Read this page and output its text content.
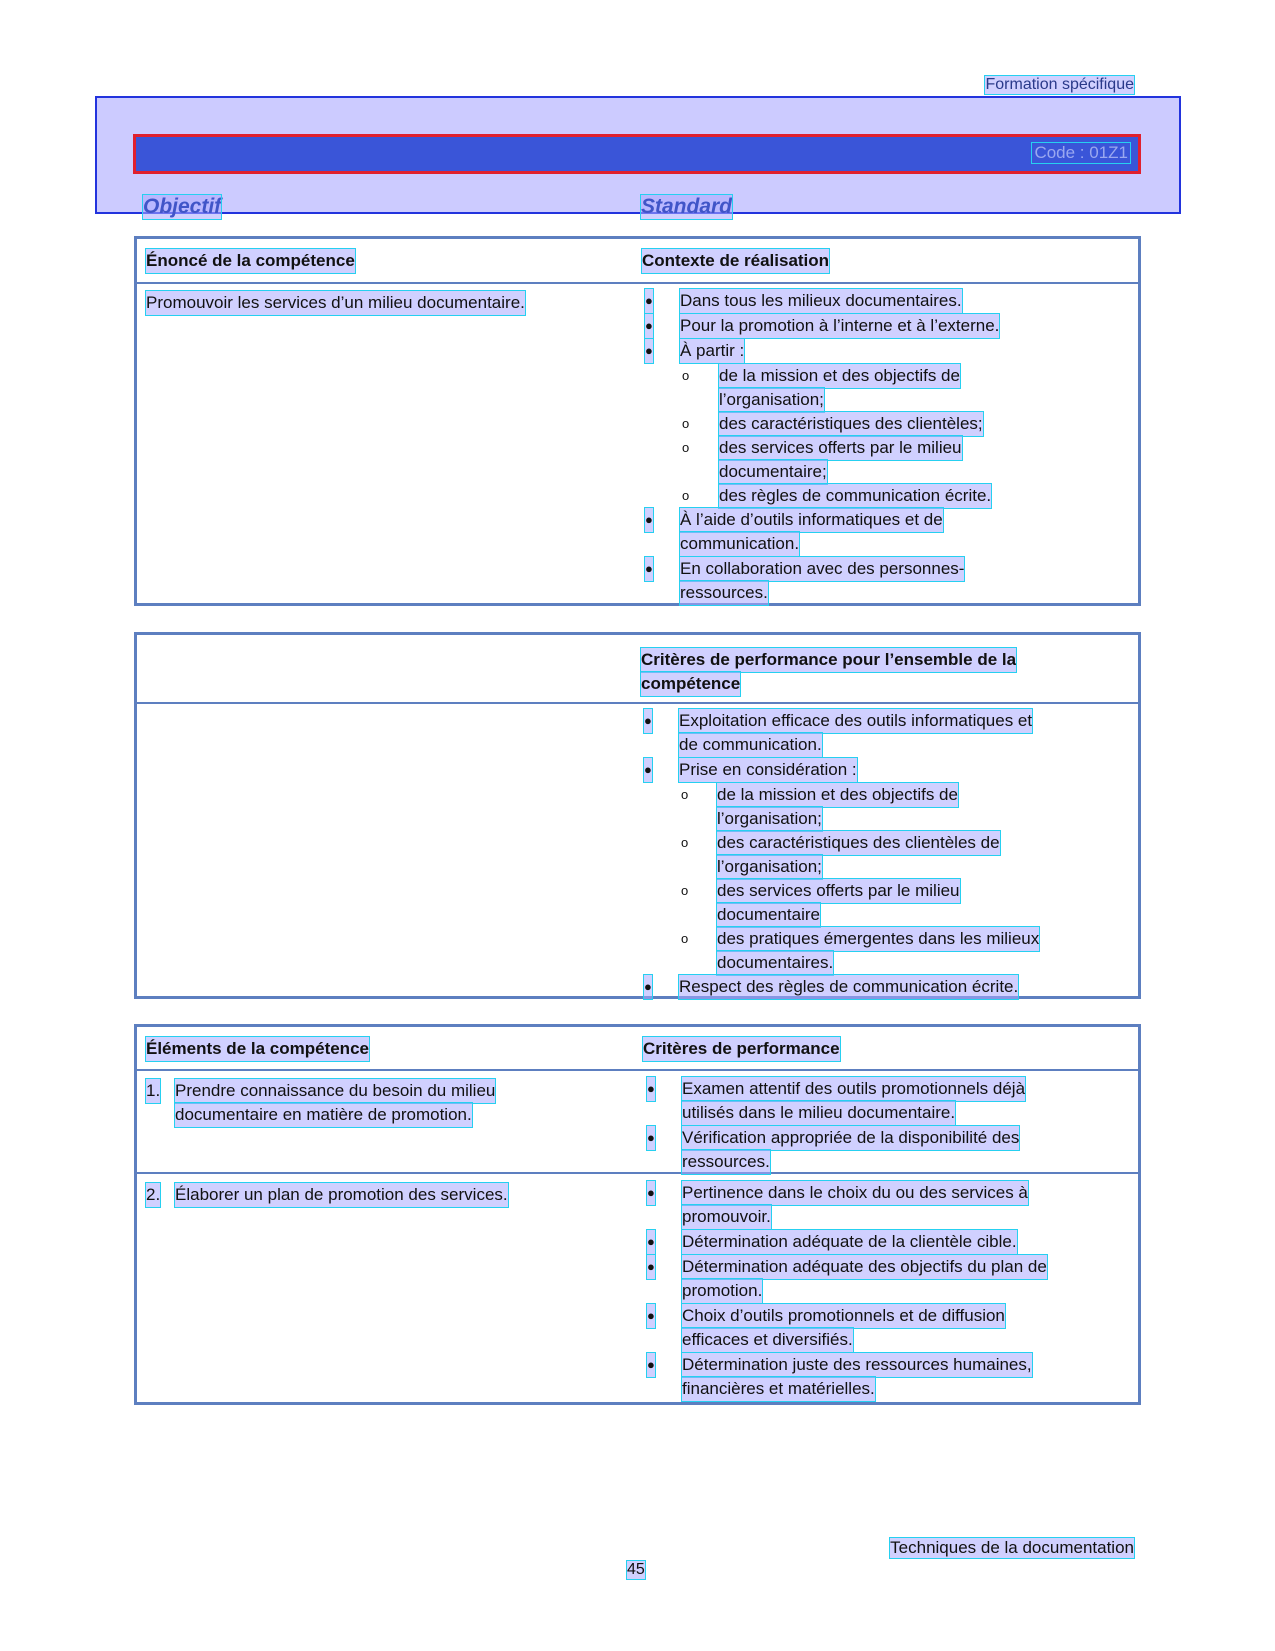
Formation spécifique
Code : 01Z1
Objectif	Standard
Énoncé de la compétence	Contexte de réalisation
Promouvoir les services d’un milieu documentaire.	● Dans tous les milieux documentaires.
● Pour la promotion à l’interne et à l’externe.
● À partir :
o de la mission et des objectifs de
l’organisation;
o des caractéristiques des clientèles;
o des services offerts par le milieu
documentaire;
o des règles de communication écrite.
● À l’aide d’outils informatiques et de
communication.
● En collaboration avec des personnes-
ressources.
Critères de performance pour l’ensemble de la
compétence
● Exploitation efficace des outils informatiques et
de communication.
● Prise en considération :
o de la mission et des objectifs de
l’organisation;
o des caractéristiques des clientèles de
l’organisation;
o des services offerts par le milieu
documentaire
o des pratiques émergentes dans les milieux
documentaires.
● Respect des règles de communication écrite.
Éléments de la compétence	Critères de performance
1. Prendre connaissance du besoin du milieu
documentaire en matière de promotion.
● Examen attentif des outils promotionnels déjà
utilisés dans le milieu documentaire.
● Vérification appropriée de la disponibilité des
ressources.
2. Élaborer un plan de promotion des services.	● Pertinence dans le choix du ou des services à
promouvoir.
● Détermination adéquate de la clientèle cible.
● Détermination adéquate des objectifs du plan de
promotion.
● Choix d’outils promotionnels et de diffusion
efficaces et diversifiés.
● Détermination juste des ressources humaines,
financières et matérielles.
Techniques de la documentation
45
